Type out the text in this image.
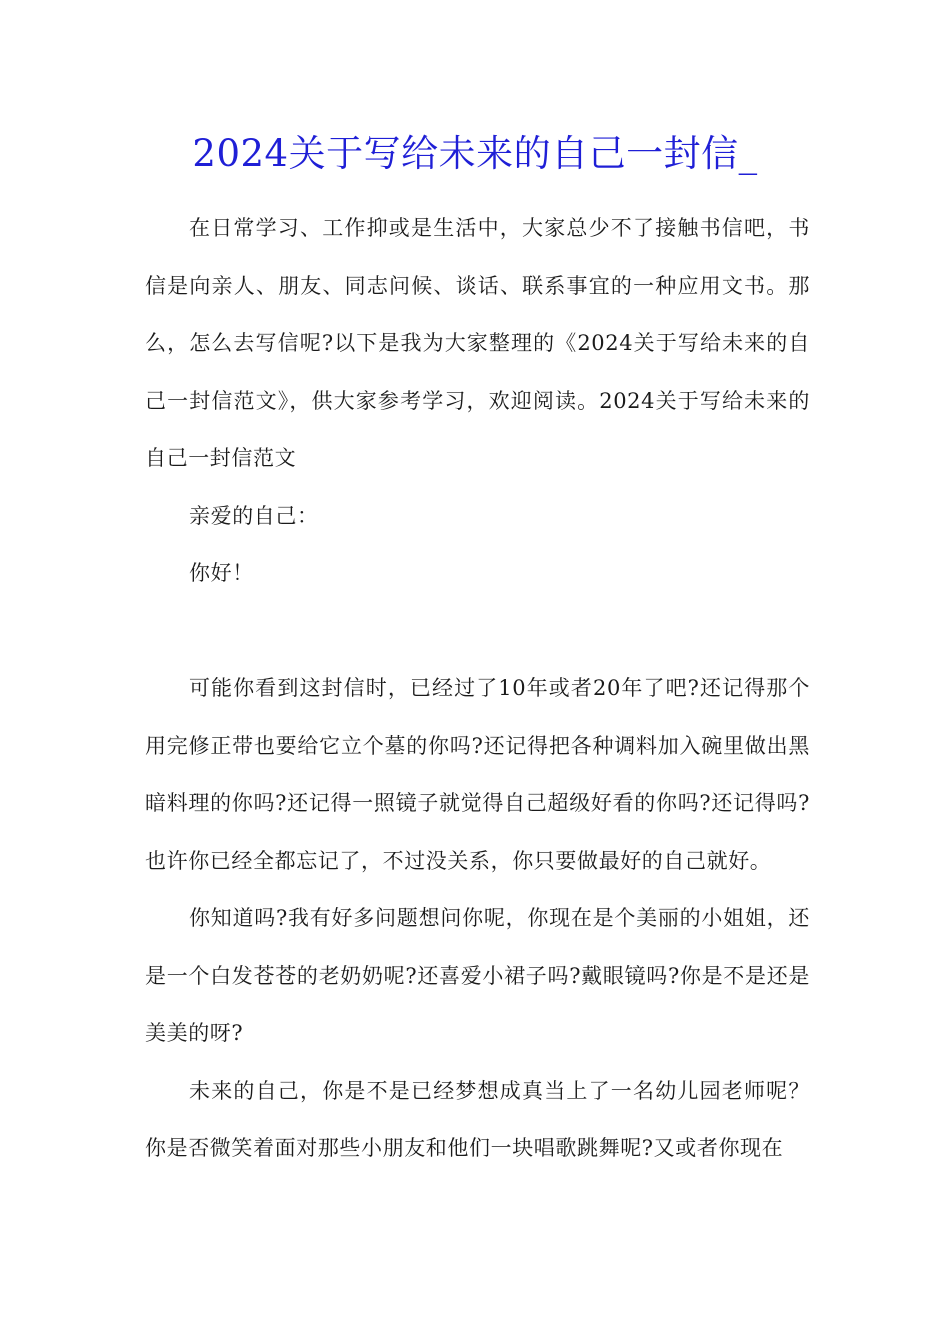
2024关于写给未来的自己一封信_

在日常学习、工作抑或是生活中，大家总少不了接触书信吧，书信是向亲人、朋友、同志问候、谈话、联系事宜的一种应用文书。那么，怎么去写信呢?以下是我为大家整理的《2024关于写给未来的自己一封信范文》，供大家参考学习，欢迎阅读。2024关于写给未来的自己一封信范文

亲爱的自己：

你好！

可能你看到这封信时，已经过了10年或者20年了吧?还记得那个用完修正带也要给它立个墓的你吗?还记得把各种调料加入碗里做出黑暗料理的你吗?还记得一照镜子就觉得自己超级好看的你吗?还记得吗?也许你已经全都忘记了，不过没关系，你只要做最好的自己就好。

你知道吗?我有好多问题想问你呢，你现在是个美丽的小姐姐，还是一个白发苍苍的老奶奶呢?还喜爱小裙子吗?戴眼镜吗?你是不是还是美美的呀?

未来的自己，你是不是已经梦想成真当上了一名幼儿园老师呢？你是否微笑着面对那些小朋友和他们一块唱歌跳舞呢?又或者你现在
